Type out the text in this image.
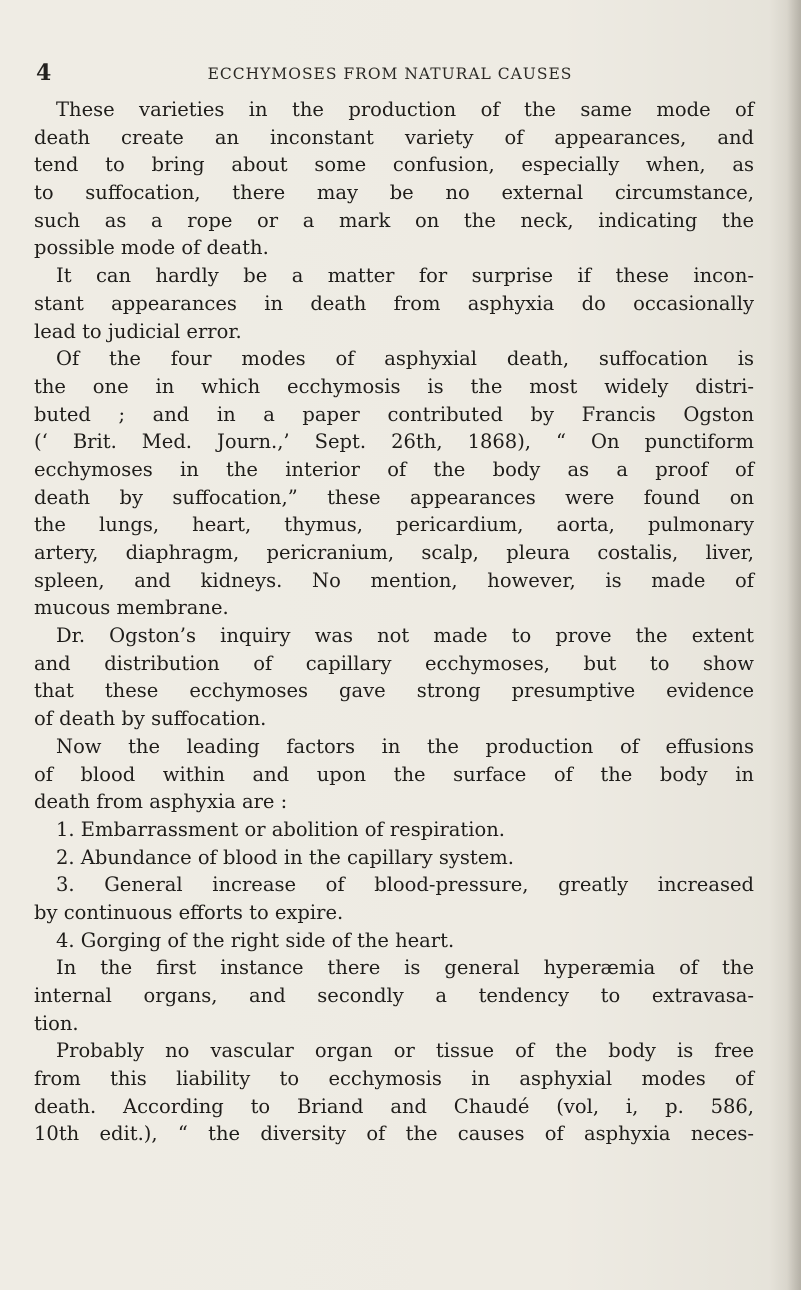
4	ECCHYMOSES FROM NATURAL CAUSES
These varieties in the production of the same mode of
death create an inconstant variety of appearances, and
tend to bring about some confusion, especially when, as
to suffocation, there may be no external circumstance,
such as a rope or a mark on the neck, indicating the
possible mode of death.
It can hardly be a matter for surprise if these incon-
stant appearances in death from asphyxia do occasionally
lead to judicial error.
Of the four modes of asphyxial death, suffocation is
the one in which ecchymosis is the most widely distri-
buted ; and in a paper contributed by Francis Ogston
(‘ Brit. Med. Journ.,’ Sept. 26th, 1868), “ On punctiform
ecchymoses in the interior of the body as a proof of
death by suffocation,” these appearances were found on
the lungs, heart, thymus, pericardium, aorta, pulmonary
artery, diaphragm, pericranium, scalp, pleura costalis, liver,
spleen, and kidneys. No mention, however, is made of
mucous membrane.
Dr. Ogston’s inquiry was not made to prove the extent
and distribution of capillary ecchymoses, but to show
that these ecchymoses gave strong presumptive evidence
of death by suffocation.
Now the leading factors in the production of effusions
of blood within and upon the surface of the body in
death from asphyxia are :
1. Embarrassment or abolition of respiration.
2. Abundance of blood in the capillary system.
3. General increase of blood-pressure, greatly increased
by continuous efforts to expire.
4. Gorging of the right side of the heart.
In the first instance there is general hyperæmia of the
internal organs, and secondly a tendency to extravasa-
tion.
Probably no vascular organ or tissue of the body is free
from this liability to ecchymosis in asphyxial modes of
death. According to Briand and Chaudé (vol, i, p. 586,
10th edit.), “ the diversity of the causes of asphyxia neces-
